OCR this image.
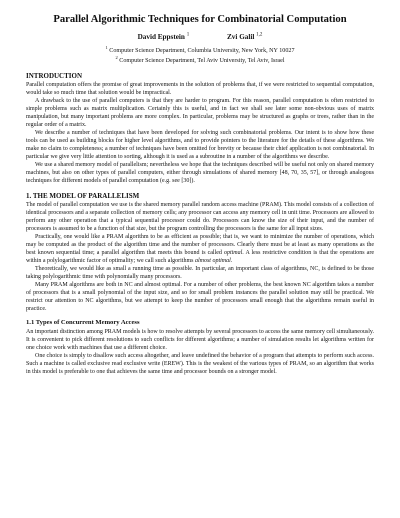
Parallel Algorithmic Techniques for Combinatorial Computation
David Eppstein $^1$	Zvi Galil $^{1,2}$
$^1$ Computer Science Department, Columbia University, New York, NY 10027
$^2$ Computer Science Department, Tel Aviv University, Tel Aviv, Israel
INTRODUCTION

Parallel computation offers the promise of great improvements in the solution of problems that, if we were restricted to sequential computation, would take so much time that solution would be impractical.

A drawback to the use of parallel computers is that they are harder to program. For this reason, parallel computation is often restricted to simple problems such as matrix multiplication. Certainly this is useful, and in fact we shall see later some non-obvious uses of matrix manipulation, but many important problems are more complex. In particular, problems may be structured as graphs or trees, rather than in the regular order of a matrix.

We describe a number of techniques that have been developed for solving such combinatorial problems. Our intent is to show how these tools can be used as building blocks for higher level algorithms, and to provide pointers to the literature for the details of these algorithms. We make no claim to completeness; a number of techniques have been omitted for brevity or because their chief application is not combinatorial. In particular we give very little attention to sorting, although it is used as a subroutine in a number of the algorithms we describe.

We use a shared memory model of parallelism; nevertheless we hope that the techniques described will be useful not only on shared memory machines, but also on other types of parallel computers, either through simulations of shared memory [48, 70, 35, 57], or through analogous techniques for different models of parallel computation (e.g. see [30]).

1. THE MODEL OF PARALLELISM

The model of parallel computation we use is the shared memory parallel random access machine (PRAM). This model consists of a collection of identical processors and a separate collection of memory cells; any processor can access any memory cell in unit time. Processors are allowed to perform any other operation that a typical sequential processor could do. Processors can know the size of their input, and the number of processors is assumed to be a function of that size, but the program controlling the processors is the same for all input sizes.

Practically, one would like a PRAM algorithm to be as efficient as possible; that is, we want to minimize the number of operations, which may be computed as the product of the algorithm time and the number of processors. Clearly there must be at least as many operations as the best known sequential time; a parallel algorithm that meets this bound is called optimal. A less restrictive condition is that the operations are within a polylogarithmic factor of optimality; we call such algorithms almost optimal.

Theoretically, we would like as small a running time as possible. In particular, an important class of algorithms, NC, is defined to be those taking polylogarithmic time with polynomially many processors.

Many PRAM algorithms are both in NC and almost optimal. For a number of other problems, the best known NC algorithm takes a number of processors that is a small polynomial of the input size, and so for small problem instances the parallel solution may still be practical. We restrict our attention to NC algorithms, but we attempt to keep the number of processors small enough that the algorithms remain useful in practice.

1.1 Types of Concurrent Memory Access

An important distinction among PRAM models is how to resolve attempts by several processors to access the same memory cell simultaneously. It is convenient to pick different resolutions to such conflicts for different algorithms; a number of simulation results let algorithms written for one choice work with machines that use a different choice.

One choice is simply to disallow such access altogether, and leave undefined the behavior of a program that attempts to perform such access. Such a machine is called exclusive read exclusive write (EREW). This is the weakest of the various types of PRAM, so an algorithm that works in this model is preferable to one that achieves the same time and processor bounds on a stronger model.
